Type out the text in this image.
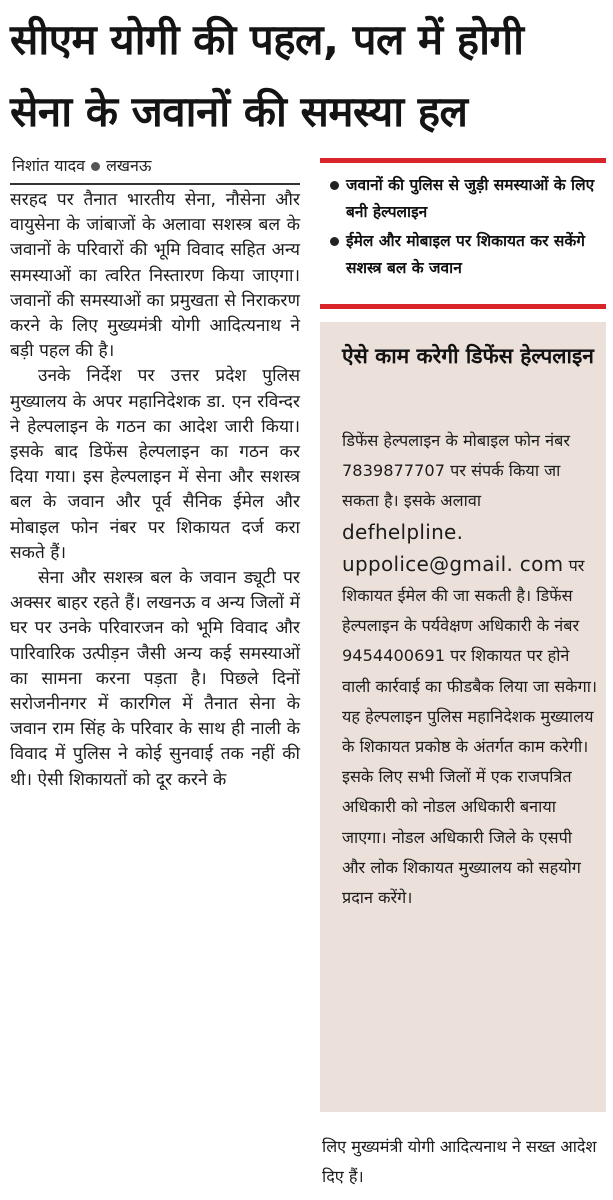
सीएम योगी की पहल, पल में होगी
सेना के जवानों की समस्या हल
निशांत यादव लखनऊ

सरहद पर तैनात भारतीय सेना, नौसेना और वायुसेना के जांबाजों के अलावा सशस्त्र बल के जवानों के परिवारों की भूमि विवाद सहित अन्य समस्याओं का त्वरित निस्तारण किया जाएगा। जवानों की समस्याओं का प्रमुखता से निराकरण करने के लिए मुख्यमंत्री योगी आदित्यनाथ ने बड़ी पहल की है।

उनके निर्देश पर उत्तर प्रदेश पुलिस मुख्यालय के अपर महानिदेशक डा. एन रविन्दर ने हेल्पलाइन के गठन का आदेश जारी किया। इसके बाद डिफेंस हेल्पलाइन का गठन कर दिया गया। इस हेल्पलाइन में सेना और सशस्त्र बल के जवान और पूर्व सैनिक ईमेल और मोबाइल फोन नंबर पर शिकायत दर्ज करा सकते हैं।

सेना और सशस्त्र बल के जवान ड्यूटी पर अक्सर बाहर रहते हैं। लखनऊ व अन्य जिलों में घर पर उनके परिवारजन को भूमि विवाद और पारिवारिक उत्पीड़न जैसी अन्य कई समस्याओं का सामना करना पड़ता है। पिछले दिनों सरोजनीनगर में कारगिल में तैनात सेना के जवान राम सिंह के परिवार के साथ ही नाली के विवाद में पुलिस ने कोई सुनवाई तक नहीं की थी। ऐसी शिकायतों को दूर करने के

जवानों की पुलिस से जुड़ी समस्याओं के लिए बनी हेल्पलाइन
ईमेल और मोबाइल पर शिकायत कर सकेंगे सशस्त्र बल के जवान
ऐसे काम करेगी डिफेंस हेल्पलाइन

डिफेंस हेल्पलाइन के मोबाइल फोन नंबर 7839877707 पर संपर्क किया जा सकता है। इसके अलावा defhelpline. uppolice@gmail. com पर शिकायत ईमेल की जा सकती है। डिफेंस हेल्पलाइन के पर्यवेक्षण अधिकारी के नंबर 9454400691 पर शिकायत पर होने वाली कार्रवाई का फीडबैक लिया जा सकेगा। यह हेल्पलाइन पुलिस महानिदेशक मुख्यालय के शिकायत प्रकोष्ठ के अंतर्गत काम करेगी।

इसके लिए सभी जिलों में एक राजपत्रित अधिकारी को नोडल अधिकारी बनाया जाएगा। नोडल अधिकारी जिले के एसपी और लोक शिकायत मुख्यालय को सहयोग प्रदान करेंगे।

लिए मुख्यमंत्री योगी आदित्यनाथ ने सख्त आदेश दिए हैं।
